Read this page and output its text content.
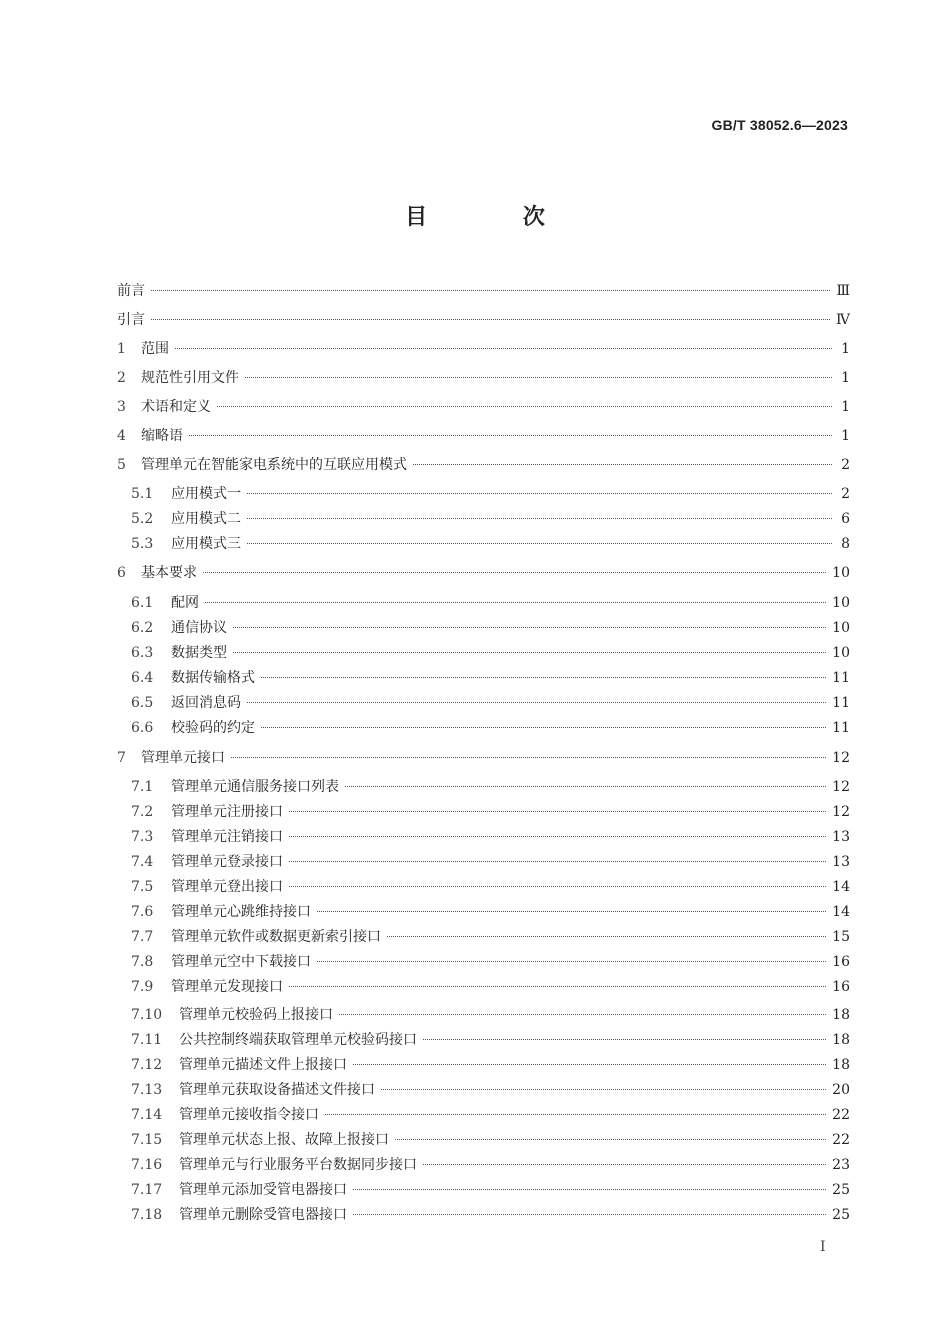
GB/T 38052.6—2023
目 次
前言	Ⅲ
引言	Ⅳ
1	范围	1
2	规范性引用文件	1
3	术语和定义	1
4	缩略语	1
5	管理单元在智能家电系统中的互联应用模式	2
5.1	应用模式一	2
5.2	应用模式二	6
5.3	应用模式三	8
6	基本要求	10
6.1	配网	10
6.2	通信协议	10
6.3	数据类型	10
6.4	数据传输格式	11
6.5	返回消息码	11
6.6	校验码的约定	11
7	管理单元接口	12
7.1	管理单元通信服务接口列表	12
7.2	管理单元注册接口	12
7.3	管理单元注销接口	13
7.4	管理单元登录接口	13
7.5	管理单元登出接口	14
7.6	管理单元心跳维持接口	14
7.7	管理单元软件或数据更新索引接口	15
7.8	管理单元空中下载接口	16
7.9	管理单元发现接口	16
7.10	管理单元校验码上报接口	18
7.11	公共控制终端获取管理单元校验码接口	18
7.12	管理单元描述文件上报接口	18
7.13	管理单元获取设备描述文件接口	20
7.14	管理单元接收指令接口	22
7.15	管理单元状态上报、故障上报接口	22
7.16	管理单元与行业服务平台数据同步接口	23
7.17	管理单元添加受管电器接口	25
7.18	管理单元删除受管电器接口	25
I
